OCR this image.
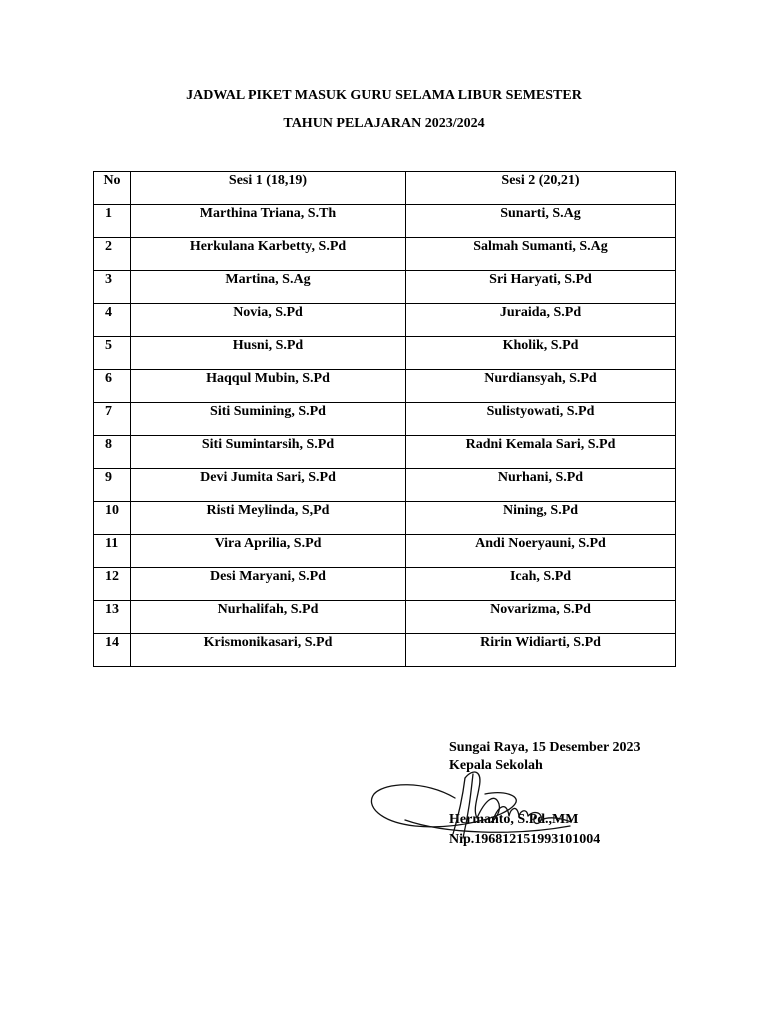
JADWAL PIKET MASUK GURU SELAMA LIBUR SEMESTER
TAHUN PELAJARAN 2023/2024
No	Sesi 1 (18,19)	Sesi 2 (20,21)
1	Marthina Triana, S.Th	Sunarti, S.Ag
2	Herkulana Karbetty, S.Pd	Salmah Sumanti, S.Ag
3	Martina, S.Ag	Sri Haryati, S.Pd
4	Novia, S.Pd	Juraida, S.Pd
5	Husni, S.Pd	Kholik, S.Pd
6	Haqqul Mubin, S.Pd	Nurdiansyah, S.Pd
7	Siti Sumining, S.Pd	Sulistyowati, S.Pd
8	Siti Sumintarsih, S.Pd	Radni Kemala Sari, S.Pd
9	Devi Jumita Sari, S.Pd	Nurhani, S.Pd
10	Risti Meylinda, S,Pd	Nining, S.Pd
11	Vira Aprilia, S.Pd	Andi Noeryauni, S.Pd
12	Desi Maryani, S.Pd	Icah, S.Pd
13	Nurhalifah, S.Pd	Novarizma, S.Pd
14	Krismonikasari, S.Pd	Ririn Widiarti, S.Pd
Sungai Raya, 15 Desember 2023
Kepala Sekolah
Hermanto, S.Pd.,MM
Nip.196812151993101004
